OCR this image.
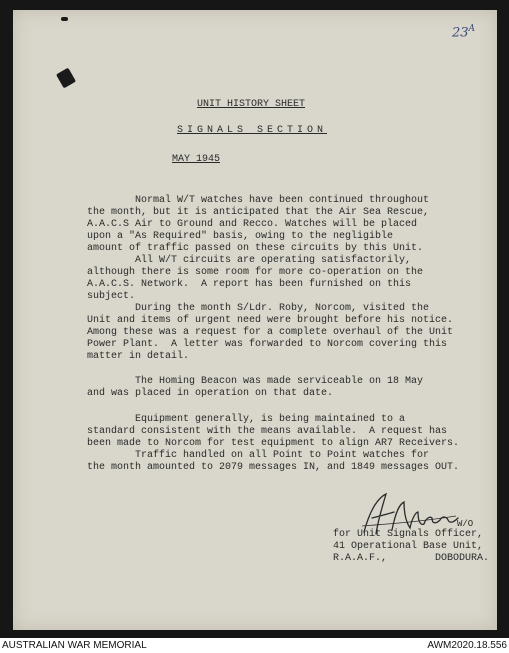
$23^A$
UNIT HISTORY SHEET
SIGNALS SECTION
MAY 1945
Normal W/T watches have been continued throughout
the month, but it is anticipated that the Air Sea Rescue,
A.A.C.S Air to Ground and Recco. Watches will be placed
upon a "As Required" basis, owing to the negligible
amount of traffic passed on these circuits by this Unit.
All W/T circuits are operating satisfactorily,
although there is some room for more co-operation on the
A.A.C.S. Network.  A report has been furnished on this
subject.
During the month S/Ldr. Roby, Norcom, visited the
Unit and items of urgent need were brought before his notice.
Among these was a request for a complete overhaul of the Unit
Power Plant.  A letter was forwarded to Norcom covering this
matter in detail.
The Homing Beacon was made serviceable on 18 May
and was placed in operation on that date.
Equipment generally, is being maintained to a
standard consistent with the means available.  A request has
been made to Norcom for test equipment to align AR7 Receivers.
Traffic handled on all Point to Point watches for
the month amounted to 2079 messages IN, and 1849 messages OUT.
W/O
for Unit Signals Officer,
41 Operational Base Unit,
R.A.A.F.,        DOBODURA.
AUSTRALIAN WAR MEMORIAL	AWM2020.18.556
